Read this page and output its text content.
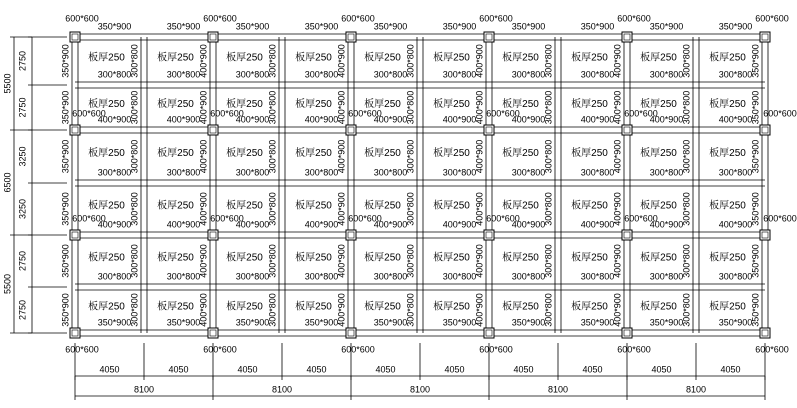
板厚250
板厚250
板厚250
板厚250
板厚250
板厚250
板厚250
板厚250
板厚250
板厚250
板厚250
板厚250
板厚250
板厚250
板厚250
板厚250
板厚250
板厚250
板厚250
板厚250
板厚250
板厚250
板厚250
板厚250
板厚250
板厚250
板厚250
板厚250
板厚250
板厚250
板厚250
板厚250
板厚250
板厚250
板厚250
板厚250
板厚250
板厚250
板厚250
板厚250
板厚250
板厚250
板厚250
板厚250
板厚250
板厚250
板厚250
板厚250
板厚250
板厚250
板厚250
板厚250
板厚250
板厚250
板厚250
板厚250
板厚250
板厚250
板厚250
板厚250
350*900	350*900	350*900	350*900	350*900	350*900	350*900	350*900	350*900	350*900
300*800	300*800	300*800	300*800	300*800	300*800	300*800	300*800	300*800	300*800
400*900	400*900	400*900	400*900	400*900	400*900	400*900	400*900	400*900	400*900
300*800	300*800	300*800	300*800	300*800	300*800	300*800	300*800	300*800	300*800
400*900	400*900	400*900	400*900	400*900	400*900	400*900	400*900	400*900	400*900
300*800	300*800	300*800	300*800	300*800	300*800	300*800	300*800	300*800	300*800
350*900	350*900	350*900	350*900	350*900	350*900	350*900	350*900	350*900	350*900
350*900
350*900
350*900
350*900
350*900
350*900
300*800
300*800
300*800
300*800
300*800
300*800
400*900
400*900
400*900
400*900
400*900
400*900
300*800
300*800
300*800
300*800
300*800
300*800
400*900
400*900
400*900
400*900
400*900
400*900
300*800
300*800
300*800
300*800
300*800
300*800
400*900
400*900
400*900
400*900
400*900
400*900
300*800
300*800
300*800
300*800
300*800
300*800
400*900
400*900
400*900
400*900
400*900
400*900
300*800
300*800
300*800
300*800
300*800
300*800
350*900
350*900
350*900
350*900
350*900
350*900
600*600
600*600
600*600
600*600
600*600
600*600
600*600
600*600
600*600
600*600
600*600
600*600
600*600	600*600	600*600	600*600	600*600	600*600
600*600	600*600	600*600	600*600	600*600	600*600
4050	4050	4050	4050	4050	4050	4050	4050	4050	4050
8100	8100	8100	8100	8100
2750
2750
3250
3250
2750
2750
5500
6500
5500
